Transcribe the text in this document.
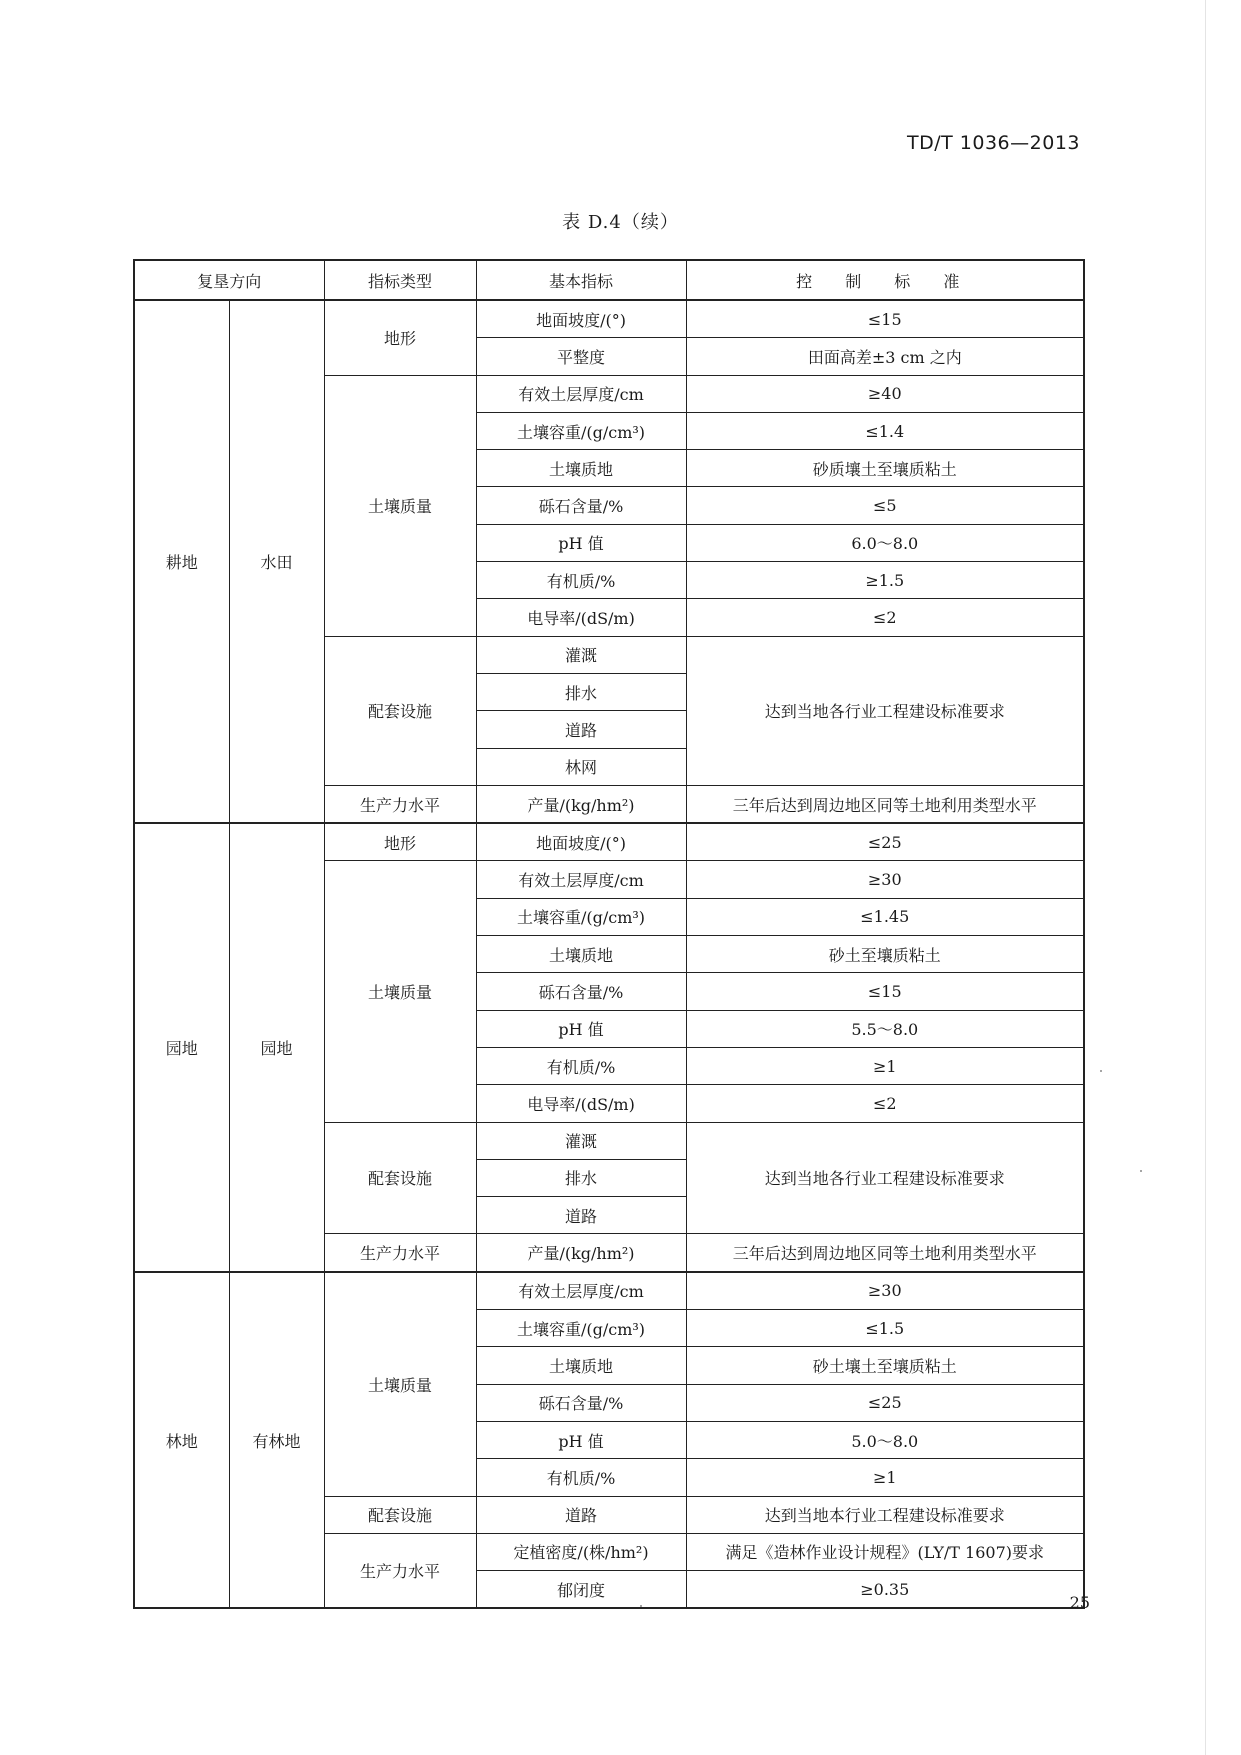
TD/T 1036—2013
表 D.4（续）
复垦方向		指标类型	基本指标	控 制 标 准
耕地	水田	地形	地面坡度/(°)	≤15
			平整度	田面高差±3 cm 之内
		土壤质量	有效土层厚度/cm	≥40
			土壤容重/(g/cm³)	≤1.4
			土壤质地	砂质壤土至壤质粘土
			砾石含量/%	≤5
			pH 值	6.0～8.0
			有机质/%	≥1.5
			电导率/(dS/m)	≤2
		配套设施	灌溉	达到当地各行业工程建设标准要求
			排水	
			道路	
			林网	
		生产力水平	产量/(kg/hm²)	三年后达到周边地区同等土地利用类型水平
园地	园地	地形	地面坡度/(°)	≤25
		土壤质量	有效土层厚度/cm	≥30
			土壤容重/(g/cm³)	≤1.45
			土壤质地	砂土至壤质粘土
			砾石含量/%	≤15
			pH 值	5.5～8.0
			有机质/%	≥1
			电导率/(dS/m)	≤2
		配套设施	灌溉	达到当地各行业工程建设标准要求
			排水	
			道路	
		生产力水平	产量/(kg/hm²)	三年后达到周边地区同等土地利用类型水平
林地	有林地	土壤质量	有效土层厚度/cm	≥30
			土壤容重/(g/cm³)	≤1.5
			土壤质地	砂土壤土至壤质粘土
			砾石含量/%	≤25
			pH 值	5.0～8.0
			有机质/%	≥1
		配套设施	道路	达到当地本行业工程建设标准要求
		生产力水平	定植密度/(株/hm²)	满足《造林作业设计规程》(LY/T 1607)要求
			郁闭度	≥0.35
25
